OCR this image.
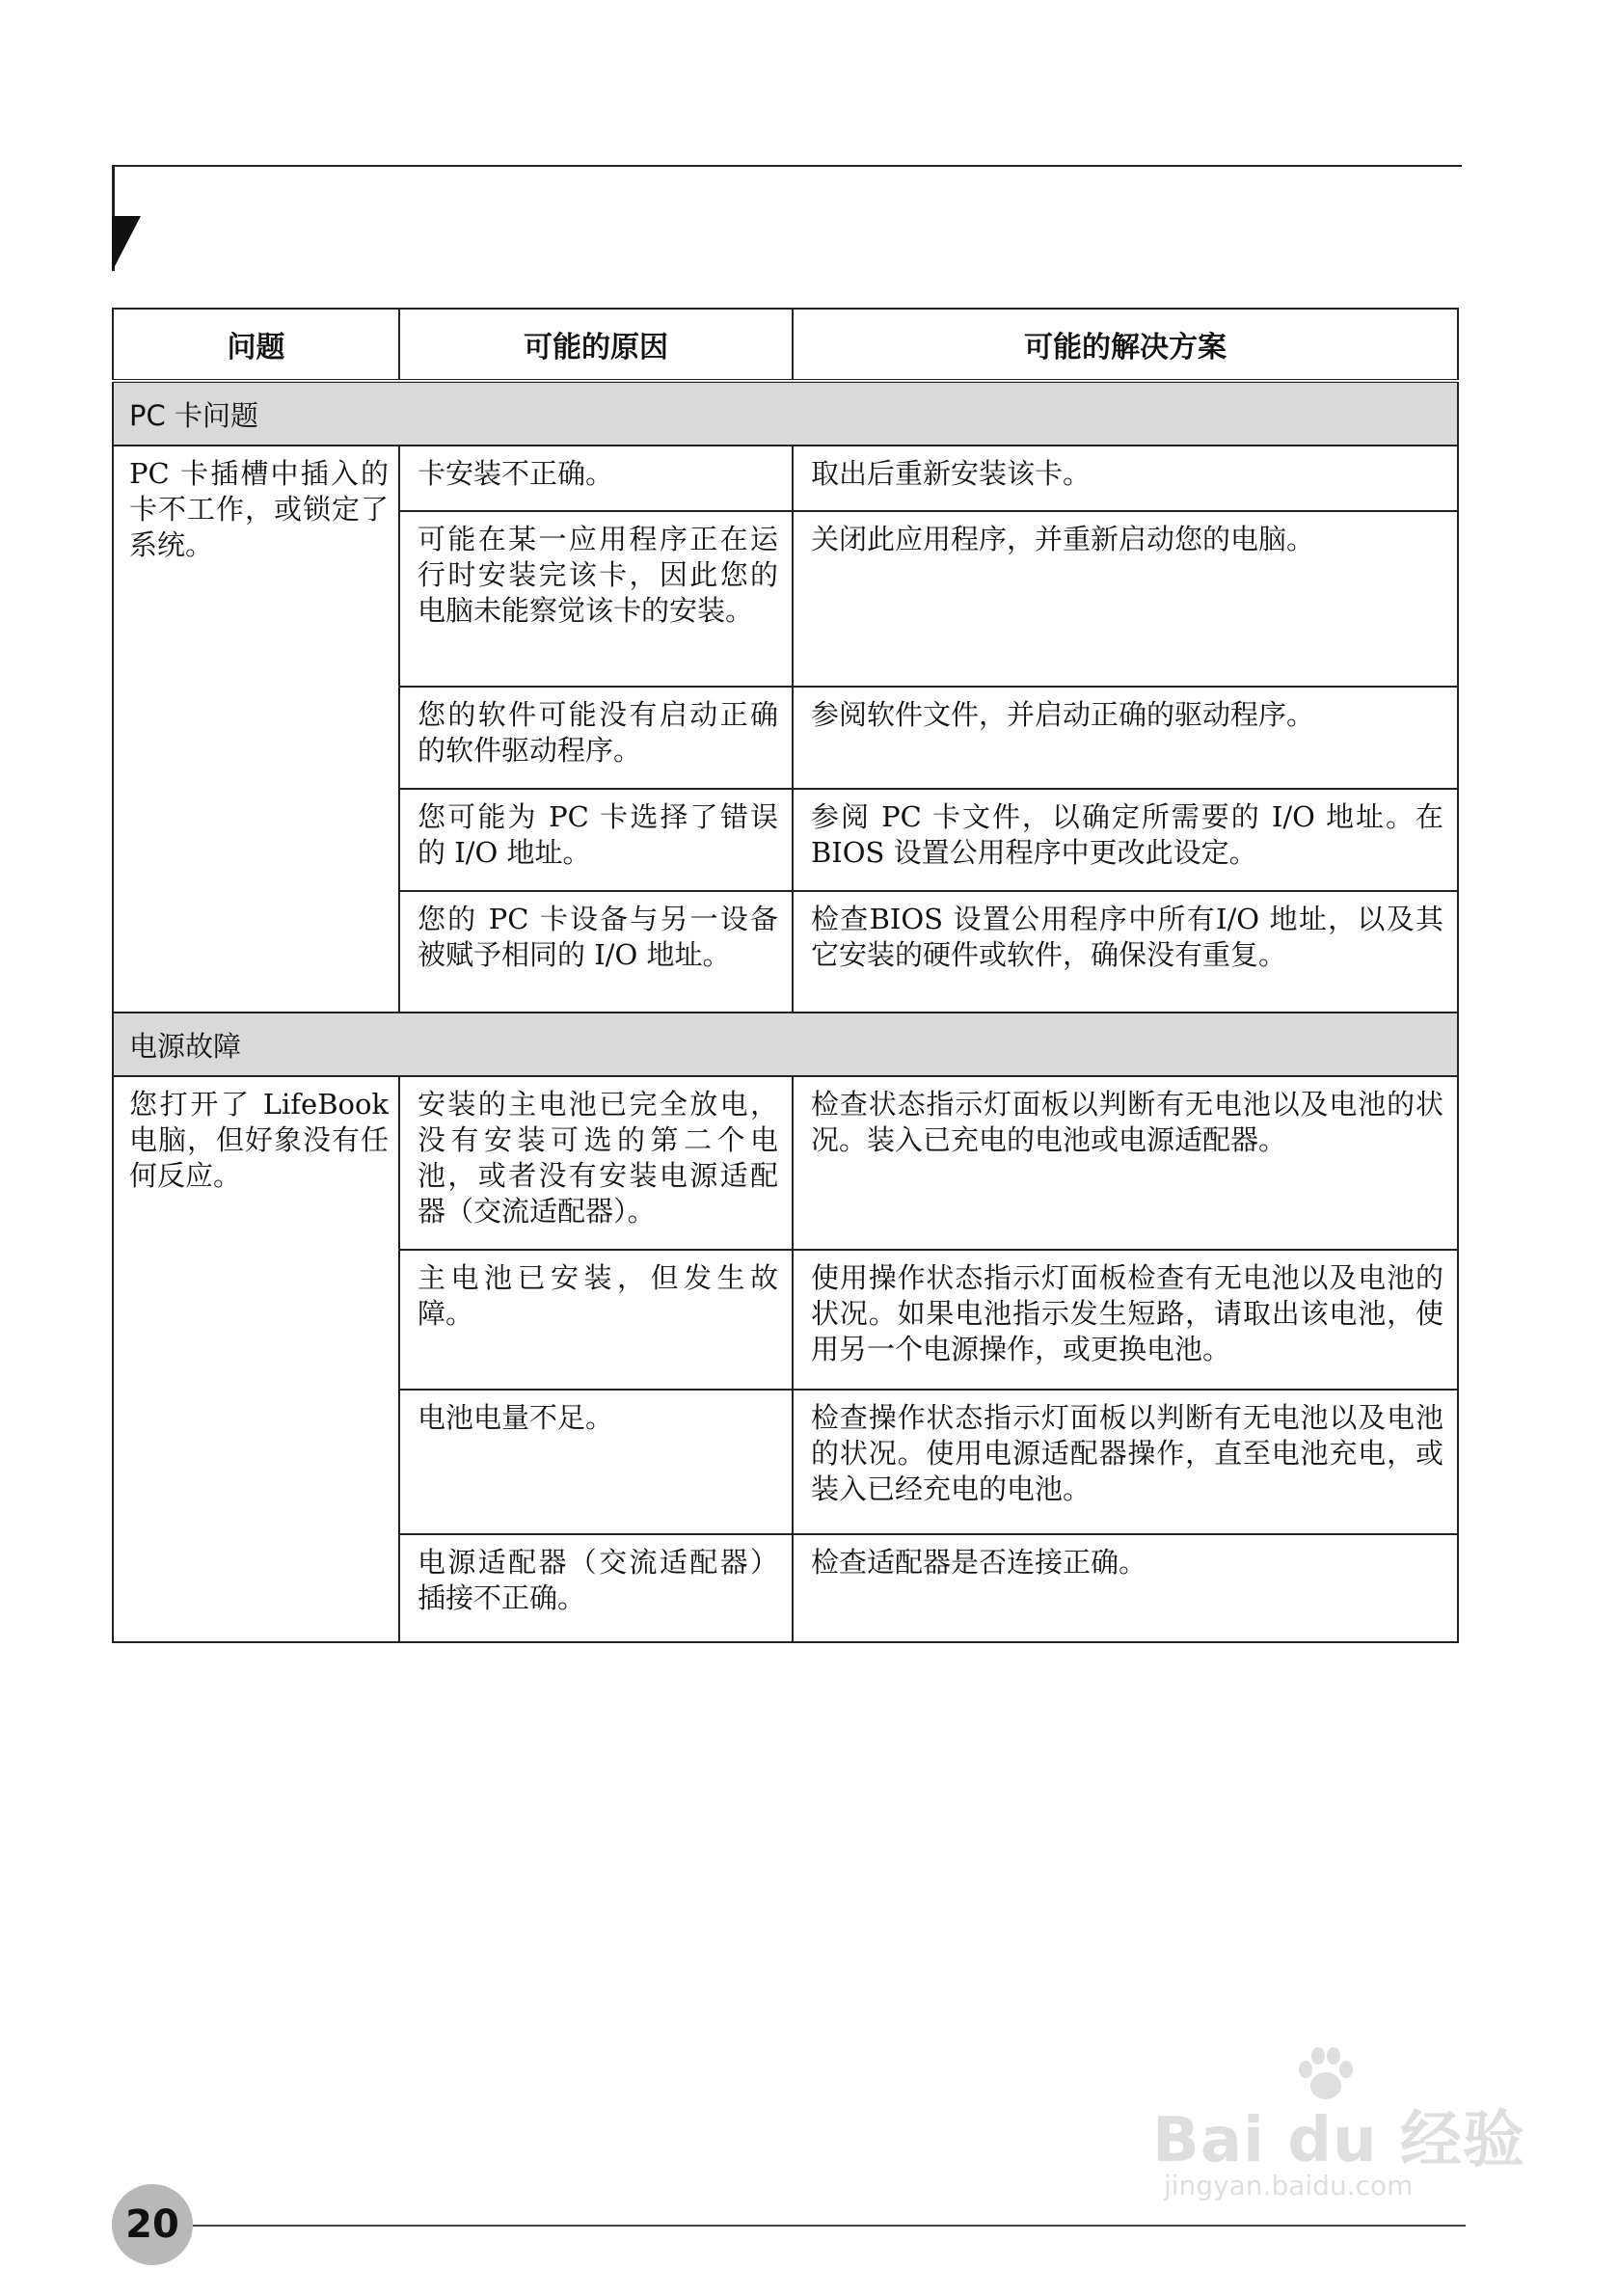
问题	可能的原因	可能的解决方案
PC 卡问题		
PC 卡插槽中插入的卡不工作，或锁定了系统。	卡安装不正确。	取出后重新安装该卡。
	可能在某一应用程序正在运行时安装完该卡，因此您的电脑未能察觉该卡的安装。	关闭此应用程序，并重新启动您的电脑。
	您的软件可能没有启动正确的软件驱动程序。	参阅软件文件，并启动正确的驱动程序。
	您可能为 PC 卡选择了错误的 I/O 地址。	参阅 PC 卡文件，以确定所需要的 I/O 地址。在 BIOS 设置公用程序中更改此设定。
	您的 PC 卡设备与另一设备被赋予相同的 I/O 地址。	检查BIOS 设置公用程序中所有I/O 地址，以及其它安装的硬件或软件，确保没有重复。
电源故障		
您打开了 LifeBook 电脑，但好象没有任何反应。	安装的主电池已完全放电，没有安装可选的第二个电池，或者没有安装电源适配器（交流适配器）。	检查状态指示灯面板以判断有无电池以及电池的状况。装入已充电的电池或电源适配器。
	主电池已安装，但发生故障。	使用操作状态指示灯面板检查有无电池以及电池的状况。如果电池指示发生短路，请取出该电池，使用另一个电源操作，或更换电池。
	电池电量不足。	检查操作状态指示灯面板以判断有无电池以及电池的状况。使用电源适配器操作，直至电池充电，或装入已经充电的电池。
	电源适配器（交流适配器）插接不正确。	检查适配器是否连接正确。
Bai du 经验
jingyan.baidu.com
20
